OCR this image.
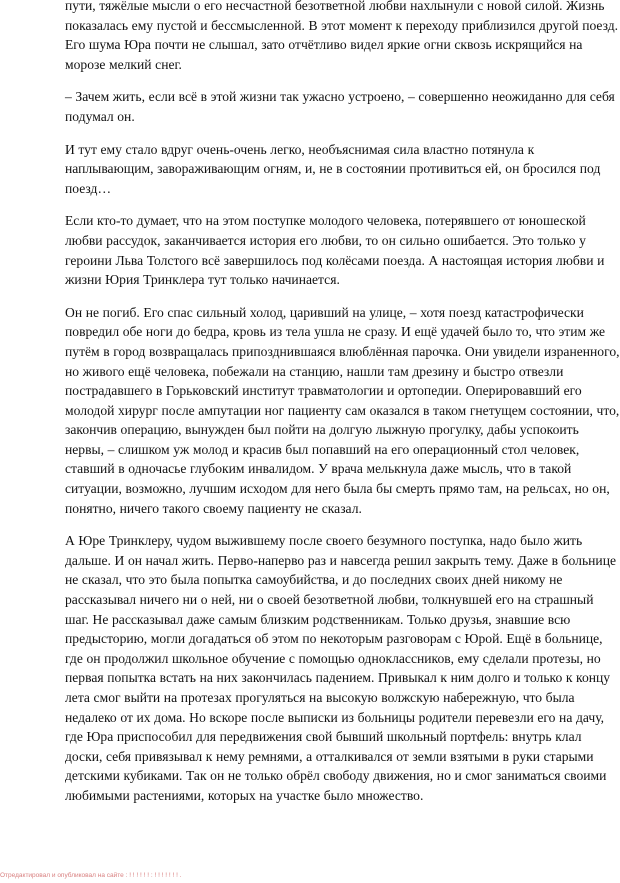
пути, тяжёлые мысли о его несчастной безответной любви нахлынули с новой силой. Жизнь показалась ему пустой и бессмысленной. В этот момент к переходу приблизился другой поезд. Его шума Юра почти не слышал, зато отчётливо видел яркие огни сквозь искрящийся на морозе мелкий снег.

– Зачем жить, если всё в этой жизни так ужасно устроено, – совершенно неожиданно для себя подумал он.

И тут ему стало вдруг очень-очень легко, необъяснимая сила властно потянула к наплывающим, завораживающим огням, и, не в состоянии противиться ей, он бросился под поезд…

Если кто-то думает, что на этом поступке молодого человека, потерявшего от юношеской любви рассудок, заканчивается история его любви, то он сильно ошибается. Это только у героини Льва Толстого всё завершилось под колёсами поезда. А настоящая история любви и жизни Юрия Тринклера тут только начинается.

Он не погиб. Его спас сильный холод, царивший на улице, – хотя поезд катастрофически повредил обе ноги до бедра, кровь из тела ушла не сразу. И ещё удачей было то, что этим же путём в город возвращалась припозднившаяся влюблённая парочка. Они увидели израненного, но живого ещё человека, побежали на станцию, нашли там дрезину и быстро отвезли пострадавшего в Горьковский институт травматологии и ортопедии. Оперировавший его молодой хирург после ампутации ног пациенту сам оказался в таком гнетущем состоянии, что, закончив операцию, вынужден был пойти на долгую лыжную прогулку, дабы успокоить нервы, – слишком уж молод и красив был попавший на его операционный стол человек, ставший в одночасье глубоким инвалидом. У врача мелькнула даже мысль, что в такой ситуации, возможно, лучшим исходом для него была бы смерть прямо там, на рельсах, но он, понятно, ничего такого своему пациенту не сказал.

А Юре Тринклеру, чудом выжившему после своего безумного поступка, надо было жить дальше. И он начал жить. Перво-наперво раз и навсегда решил закрыть тему. Даже в больнице не сказал, что это была попытка самоубийства, и до последних своих дней никому не рассказывал ничего ни о ней, ни о своей безответной любви, толкнувшей его на страшный шаг. Не рассказывал даже самым близким родственникам. Только друзья, знавшие всю предысторию, могли догадаться об этом по некоторым разговорам с Юрой. Ещё в больнице, где он продолжил школьное обучение с помощью одноклассников, ему сделали протезы, но первая попытка встать на них закончилась падением. Привыкал к ним долго и только к концу лета смог выйти на протезах прогуляться на высокую волжскую набережную, что была недалеко от их дома. Но вскоре после выписки из больницы родители перевезли его на дачу, где Юра приспособил для передвижения свой бывший школьный портфель: внутрь клал доски, себя привязывал к нему ремнями, а отталкивался от земли взятыми в руки старыми детскими кубиками. Так он не только обрёл свободу движения, но и смог заниматься своими любимыми растениями, которых на участке было множество.

Отредактировал и опубликовал на сайте : ! ! ! ! ! ! : ! ! ! ! ! ! ! .
